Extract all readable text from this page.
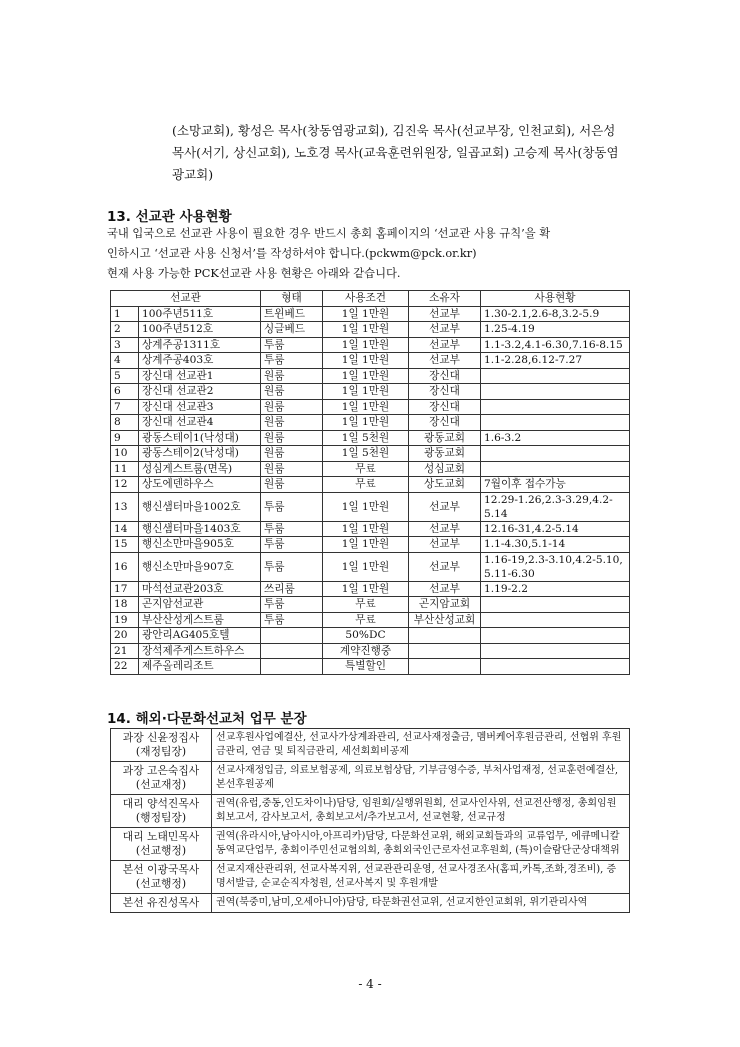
(소망교회), 황성은 목사(창동염광교회), 김진욱 목사(선교부장, 인천교회), 서은성

목사(서기, 상신교회), 노호경 목사(교육훈련위원장, 일곱교회) 고승제 목사(창동염

광교회)

13. 선교관 사용현황

국내 입국으로 선교관 사용이 필요한 경우 반드시 총회 홈페이지의 ‘선교관 사용 규칙’을 확

인하시고 ‘선교관 사용 신청서’를 작성하셔야 합니다.(pckwm@pck.or.kr)

현재 사용 가능한 PCK선교관 사용 현황은 아래와 같습니다.

선교관		형태	사용조건	소유자	사용현황
1	100주년511호	트윈베드	1일 1만원	선교부	1.30-2.1,2.6-8,3.2-5.9
2	100주년512호	싱글베드	1일 1만원	선교부	1.25-4.19
3	상계주공1311호	투룸	1일 1만원	선교부	1.1-3.2,4.1-6.30,7.16-8.15
4	상계주공403호	투룸	1일 1만원	선교부	1.1-2.28,6.12-7.27
5	장신대 선교관1	원룸	1일 1만원	장신대	
6	장신대 선교관2	원룸	1일 1만원	장신대	
7	장신대 선교관3	원룸	1일 1만원	장신대	
8	장신대 선교관4	원룸	1일 1만원	장신대	
9	광동스테이1(낙성대)	원룸	1일 5천원	광동교회	1.6-3.2
10	광동스테이2(낙성대)	원룸	1일 5천원	광동교회	
11	성심게스트룸(면목)	원룸	무료	성심교회	
12	상도에덴하우스	원룸	무료	상도교회	7월이후 접수가능
13	행신샘터마을1002호	투룸	1일 1만원	선교부	12.29-1.26,2.3-3.29,4.2-5.14
14	행신샘터마을1403호	투룸	1일 1만원	선교부	12.16-31,4.2-5.14
15	행신소만마을905호	투룸	1일 1만원	선교부	1.1-4.30,5.1-14
16	행신소만마을907호	투룸	1일 1만원	선교부	1.16-19,2.3-3.10,4.2-5.10, 5.11-6.30
17	마석선교관203호	쓰리룸	1일 1만원	선교부	1.19-2.2
18	곤지암선교관	투룸	무료	곤지암교회	
19	부산산성게스트룸	투룸	무료	부산산성교회	
20	광안리AG405호텔		50%DC		
21	장석제주게스트하우스		계약진행중		
22	제주올레리조트		특별할인		
14. 해외·다문화선교처 업무 분장
과장 신윤정집사
(재정팀장)	선교후원사업예결산, 선교사가상계좌관리, 선교사재정출금, 멤버케어후원금관리, 선협위 후원금관리, 연금 및 퇴직금관리, 세선회회비공제

과장 고은숙집사
(선교재정)	선교사재정입금, 의료보험공제, 의료보험상담, 기부금영수증, 부처사업재정, 선교훈련예결산, 본선후원공제

대리 양석진목사
(행정팀장)	권역(유럽,중동,인도차이나)담당, 임원회/실행위원회, 선교사인사위, 선교전산행정, 총회임원회보고서, 감사보고서, 총회보고서/추가보고서, 선교현황, 선교규정

대리 노태민목사
(선교행정)	권역(유라시아,남아시아,아프리카)담당, 다문화선교위, 해외교회들과의 교류업무, 에큐메니칼동역교단업무, 총회이주민선교협의회, 총회외국인근로자선교후원회, (특)이슬람단군상대책위

본선 이광국목사
(선교행정)	선교지재산관리위, 선교사복지위, 선교관관리운영, 선교사경조사(홈피,카톡,조화,경조비), 증명서발급, 순교순직자청원, 선교사복지 및 후원개발

본선 유진성목사	권역(북중미,남미,오세아니아)담당, 타문화권선교위, 선교지한인교회위, 위기관리사역
- 4 -
